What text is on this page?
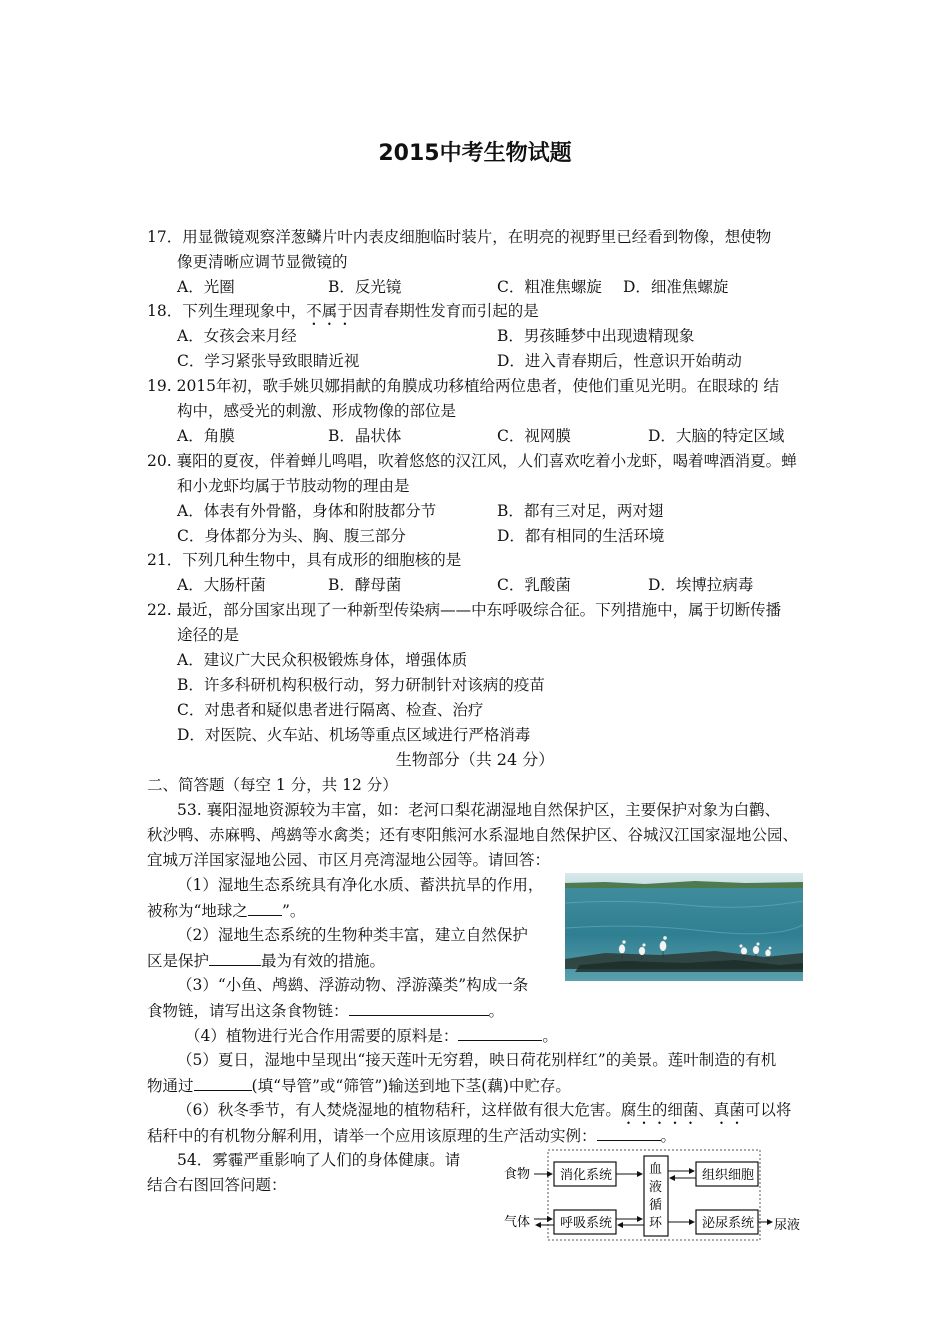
2015中考生物试题
17．用显微镜观察洋葱鳞片叶内表皮细胞临时装片，在明亮的视野里已经看到物像，想使物
像更清晰应调节显微镜的
A．光圈	B．反光镜	C．粗准焦螺旋 D．细准焦螺旋
18．下列生理现象中，不属于因青春期性发育而引起的是
A．女孩会来月经	B．男孩睡梦中出现遗精现象
C．学习紧张导致眼睛近视	D．进入青春期后，性意识开始萌动
19. 2015年初，歌手姚贝娜捐献的角膜成功移植给两位患者，使他们重见光明。在眼球的 结
构中，感受光的刺激、形成物像的部位是
A．角膜	B．晶状体	C．视网膜	D．大脑的特定区域
20. 襄阳的夏夜，伴着蝉儿鸣唱，吹着悠悠的汉江风，人们喜欢吃着小龙虾，喝着啤酒消夏。蝉
和小龙虾均属于节肢动物的理由是
A．体表有外骨骼，身体和附肢都分节	B．都有三对足，两对翅
C．身体都分为头、胸、腹三部分	D．都有相同的生活环境
21．下列几种生物中，具有成形的细胞核的是
A．大肠杆菌	B．酵母菌	C．乳酸菌	D．埃博拉病毒
22. 最近，部分国家出现了一种新型传染病——中东呼吸综合征。下列措施中，属于切断传播
途径的是
A．建议广大民众积极锻炼身体，增强体质
B．许多科研机构积极行动，努力研制针对该病的疫苗
C．对患者和疑似患者进行隔离、检查、治疗
D．对医院、火车站、机场等重点区域进行严格消毒
生物部分（共 24 分）
二、简答题（每空 1 分，共 12 分）
53. 襄阳湿地资源较为丰富，如：老河口梨花湖湿地自然保护区，主要保护对象为白鹳、
秋沙鸭、赤麻鸭、鸬鹚等水禽类；还有枣阳熊河水系湿地自然保护区、谷城汉江国家湿地公园、
宜城万洋国家湿地公园、市区月亮湾湿地公园等。请回答：
（1）湿地生态系统具有净化水质、蓄洪抗旱的作用，
被称为“地球之 ”。
（2）湿地生态系统的生物种类丰富，建立自然保护
区是保护	最为有效的措施。
（3）“小鱼、鸬鹚、浮游动物、浮游藻类”构成一条
食物链，请写出这条食物链：	。
（4）植物进行光合作用需要的原料是：	。
（5）夏日，湿地中呈现出“接天莲叶无穷碧，映日荷花别样红”的美景。莲叶制造的有机
物通过	(填“导管”或“筛管”)输送到地下茎(藕)中贮存。
（6）秋冬季节，有人焚烧湿地的植物秸秆，这样做有很大危害。腐生的细菌、真菌可以将
秸秆中的有机物分解利用，请举一个应用该原理的生产活动实例：	。
54．雾霾严重影响了人们的身体健康。请
结合右图回答问题：
食物
气体
消化系统
呼吸系统
血
液
循
环
组织细胞
泌尿系统 尿液
